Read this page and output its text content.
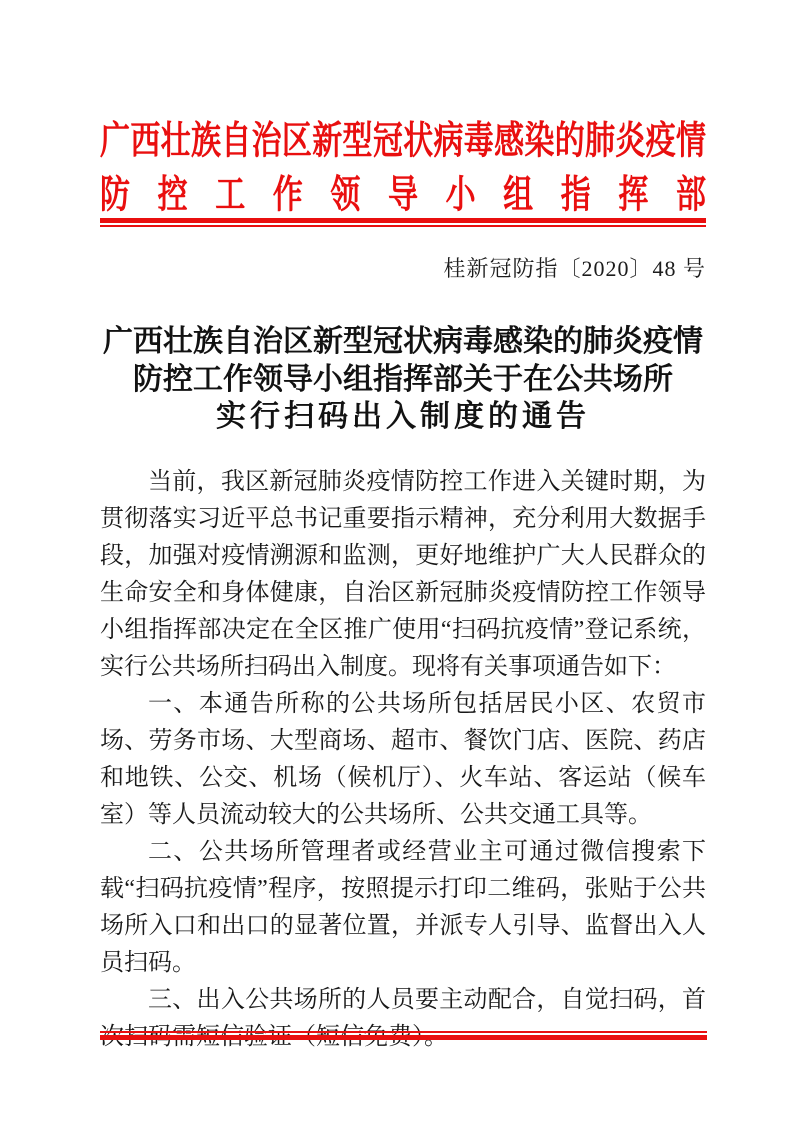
广 西 壮 族 自 治 区 新 型 冠 状 病 毒 感 染 的 肺 炎 疫 情
防 控 工 作 领 导 小 组 指 挥 部
桂新冠防指〔2020〕48 号
广西壮族自治区新型冠状病毒感染的肺炎疫情
防控工作领导小组指挥部关于在公共场所
实行扫码出入制度的通告

当前，我区新冠肺炎疫情防控工作进入关键时期，为贯彻落实习近平总书记重要指示精神，充分利用大数据手段，加强对疫情溯源和监测，更好地维护广大人民群众的生命安全和身体健康，自治区新冠肺炎疫情防控工作领导小组指挥部决定在全区推广使用“扫码抗疫情”登记系统，实行公共场所扫码出入制度。现将有关事项通告如下：

一、本通告所称的公共场所包括居民小区、农贸市场、劳务市场、大型商场、超市、餐饮门店、医院、药店和地铁、公交、机场（候机厅）、火车站、客运站（候车室）等人员流动较大的公共场所、公共交通工具等。

二、公共场所管理者或经营业主可通过微信搜索下载“扫码抗疫情”程序，按照提示打印二维码，张贴于公共场所入口和出口的显著位置，并派专人引导、监督出入人员扫码。

三、出入公共场所的人员要主动配合，自觉扫码，首
